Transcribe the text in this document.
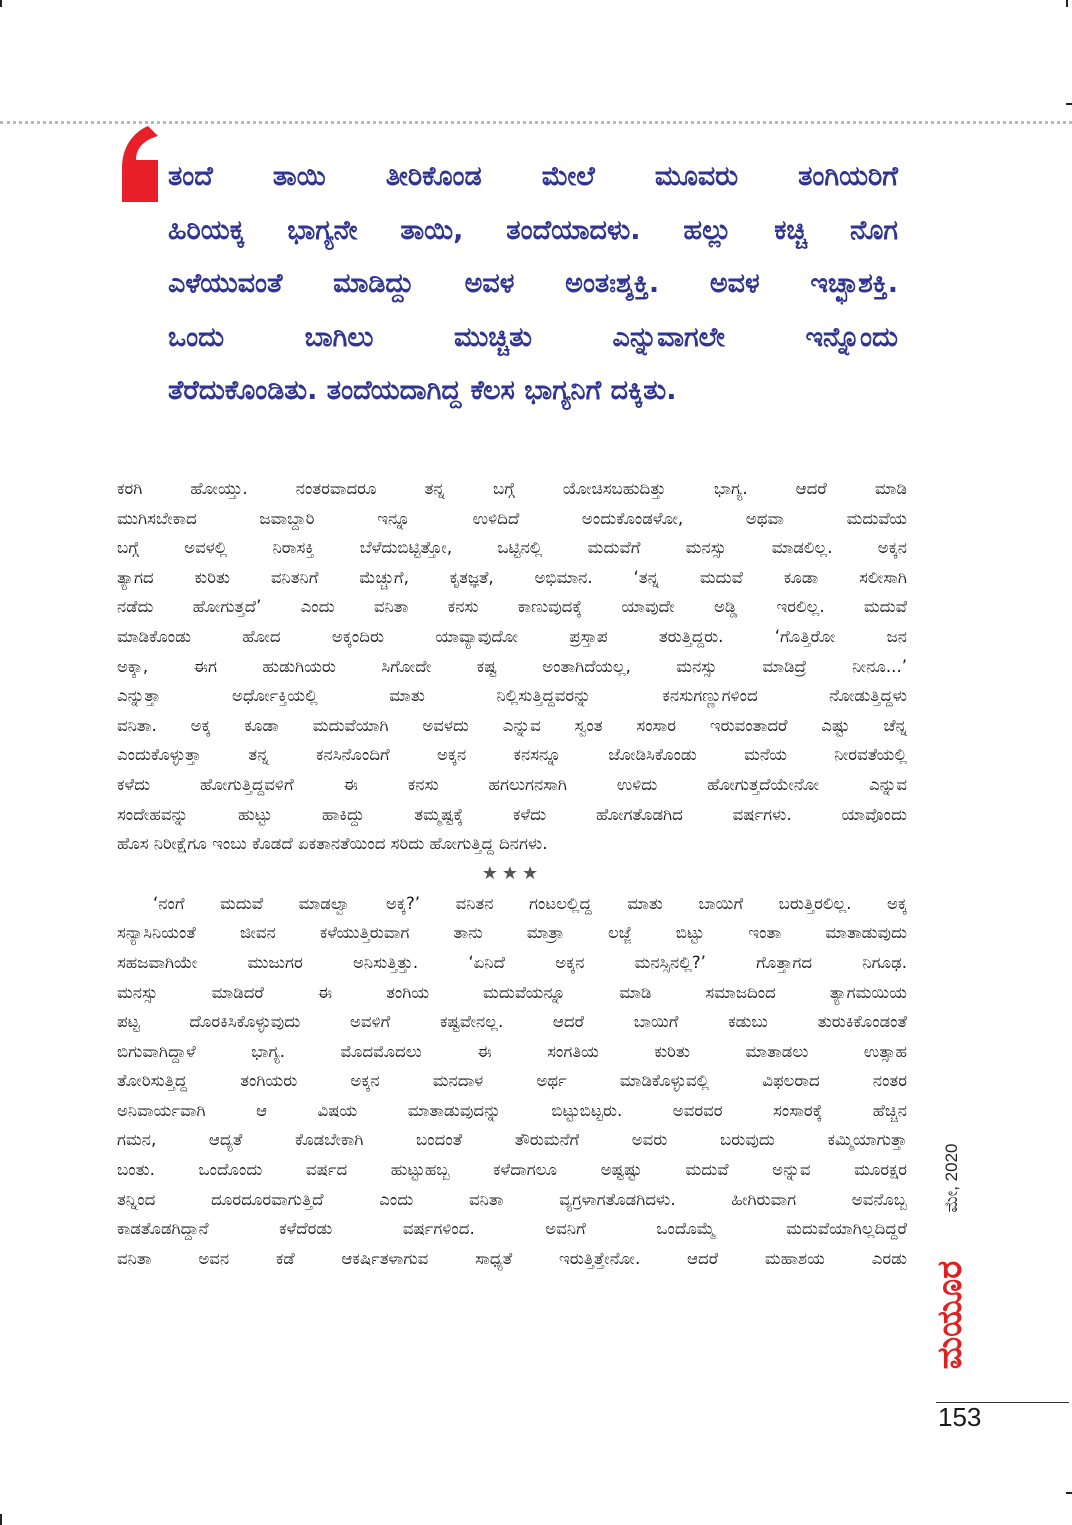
ತಂದೆ ತಾಯಿ ತೀರಿಕೊಂಡ ಮೇಲೆ ಮೂವರು ತಂಗಿಯರಿಗೆ
ಹಿರಿಯಕ್ಕ ಭಾಗ್ಯನೇ ತಾಯಿ, ತಂದೆಯಾದಳು. ಹಲ್ಲು ಕಚ್ಚಿ ನೊಗ
ಎಳೆಯುವಂತೆ ಮಾಡಿದ್ದು ಅವಳ ಅಂತಃಶ್ಶಕ್ತಿ. ಅವಳ ಇಚ್ಛಾಶಕ್ತಿ.
ಒಂದು ಬಾಗಿಲು ಮುಚ್ಚಿತು ಎನ್ನುವಾಗಲೇ ಇನ್ನೊಂದು
ತೆರೆದುಕೊಂಡಿತು. ತಂದೆಯದಾಗಿದ್ದ ಕೆಲಸ ಭಾಗ್ಯನಿಗೆ ದಕ್ಕಿತು.
ಕರಗಿ ಹೋಯ್ತು. ನಂತರವಾದರೂ ತನ್ನ ಬಗ್ಗೆ ಯೋಚಿಸಬಹುದಿತ್ತು ಭಾಗ್ಯ. ಆದರೆ ಮಾಡಿ
ಮುಗಿಸಬೇಕಾದ ಜವಾಬ್ದಾರಿ ಇನ್ನೂ ಉಳಿದಿದೆ ಅಂದುಕೊಂಡಳೋ, ಅಥವಾ ಮದುವೆಯ
ಬಗ್ಗೆ ಅವಳಲ್ಲಿ ನಿರಾಸಕ್ತಿ ಬೆಳೆದುಬಿಟ್ಟಿತ್ತೋ, ಒಟ್ಟಿನಲ್ಲಿ ಮದುವೆಗೆ ಮನಸ್ಸು ಮಾಡಲಿಲ್ಲ. ಅಕ್ಕನ
ತ್ಯಾಗದ ಕುರಿತು ವನಿತನಿಗೆ ಮೆಚ್ಚುಗೆ, ಕೃತಜ್ಞತೆ, ಅಭಿಮಾನ. ‘ತನ್ನ ಮದುವೆ ಕೂಡಾ ಸಲೀಸಾಗಿ
ನಡೆದು ಹೋಗುತ್ತದೆ’ ಎಂದು ವನಿತಾ ಕನಸು ಕಾಣುವುದಕ್ಕೆ ಯಾವುದೇ ಅಡ್ಡಿ ಇರಲಿಲ್ಲ. ಮದುವೆ
ಮಾಡಿಕೊಂಡು ಹೋದ ಅಕ್ಕಂದಿರು ಯಾವ್ಯಾವುದೋ ಪ್ರಸ್ತಾಪ ತರುತ್ತಿದ್ದರು. ‘ಗೊತ್ತಿರೋ ಜನ
ಅಕ್ಕಾ, ಈಗ ಹುಡುಗಿಯರು ಸಿಗೋದೇ ಕಷ್ಟ ಅಂತಾಗಿದೆಯಲ್ಲ, ಮನಸ್ಸು ಮಾಡಿದ್ರೆ ನೀನೂ...’
ಎನ್ನುತ್ತಾ ಅರ್ಧೋಕ್ತಿಯಲ್ಲಿ ಮಾತು ನಿಲ್ಲಿಸುತ್ತಿದ್ದವರನ್ನು ಕನಸುಗಣ್ಣುಗಳಿಂದ ನೋಡುತ್ತಿದ್ದಳು
ವನಿತಾ. ಅಕ್ಕ ಕೂಡಾ ಮದುವೆಯಾಗಿ ಅವಳದು ಎನ್ನುವ ಸ್ವಂತ ಸಂಸಾರ ಇರುವಂತಾದರೆ ಎಷ್ಟು ಚೆನ್ನ
ಎಂದುಕೊಳ್ಳುತ್ತಾ ತನ್ನ ಕನಸಿನೊಂದಿಗೆ ಅಕ್ಕನ ಕನಸನ್ನೂ ಜೋಡಿಸಿಕೊಂಡು ಮನೆಯ ನೀರವತೆಯಲ್ಲಿ
ಕಳೆದು ಹೋಗುತ್ತಿದ್ದವಳಿಗೆ ಈ ಕನಸು ಹಗಲುಗನಸಾಗಿ ಉಳಿದು ಹೋಗುತ್ತದೆಯೇನೋ ಎನ್ನುವ
ಸಂದೇಹವನ್ನು ಹುಟ್ಟು ಹಾಕಿದ್ದು ತಮ್ಮಷ್ಟಕ್ಕೆ ಕಳೆದು ಹೋಗತೊಡಗಿದ ವರ್ಷಗಳು. ಯಾವೊಂದು
ಹೊಸ ನಿರೀಕ್ಷೆಗೂ ಇಂಬು ಕೊಡದೆ ಏಕತಾನತೆಯಿಂದ ಸರಿದು ಹೋಗುತ್ತಿದ್ದ ದಿನಗಳು.
★★★
‘ನಂಗೆ ಮದುವೆ ಮಾಡಲ್ವಾ ಅಕ್ಕ?’ ವನಿತನ ಗಂಟಲಲ್ಲಿದ್ದ ಮಾತು ಬಾಯಿಗೆ ಬರುತ್ತಿರಲಿಲ್ಲ. ಅಕ್ಕ
ಸನ್ಯಾಸಿನಿಯಂತೆ ಜೀವನ ಕಳೆಯುತ್ತಿರುವಾಗ ತಾನು ಮಾತ್ರಾ ಲಜ್ಜೆ ಬಿಟ್ಟು ಇಂತಾ ಮಾತಾಡುವುದು
ಸಹಜವಾಗಿಯೇ ಮುಜುಗರ ಅನಿಸುತ್ತಿತ್ತು. ‘ಏನಿದೆ ಅಕ್ಕನ ಮನಸ್ಸಿನಲ್ಲಿ?’ ಗೊತ್ತಾಗದ ನಿಗೂಢ.
ಮನಸ್ಸು ಮಾಡಿದರೆ ಈ ತಂಗಿಯ ಮದುವೆಯನ್ನೂ ಮಾಡಿ ಸಮಾಜದಿಂದ ತ್ಯಾಗಮಯಿಯ
ಪಟ್ಟ ದೊರಕಿಸಿಕೊಳ್ಳುವುದು ಅವಳಿಗೆ ಕಷ್ಟವೇನಲ್ಲ. ಆದರೆ ಬಾಯಿಗೆ ಕಡುಬು ತುರುಕಿಕೊಂಡಂತೆ
ಬಿಗುವಾಗಿದ್ದಾಳೆ ಭಾಗ್ಯ. ಮೊದಮೊದಲು ಈ ಸಂಗತಿಯ ಕುರಿತು ಮಾತಾಡಲು ಉತ್ಸಾಹ
ತೋರಿಸುತ್ತಿದ್ದ ತಂಗಿಯರು ಅಕ್ಕನ ಮನದಾಳ ಅರ್ಥ ಮಾಡಿಕೊಳ್ಳುವಲ್ಲಿ ವಿಫಲರಾದ ನಂತರ
ಅನಿವಾರ್ಯವಾಗಿ ಆ ವಿಷಯ ಮಾತಾಡುವುದನ್ನು ಬಿಟ್ಟುಬಿಟ್ಟರು. ಅವರವರ ಸಂಸಾರಕ್ಕೆ ಹೆಚ್ಚಿನ
ಗಮನ, ಆದ್ಯತೆ ಕೊಡಬೇಕಾಗಿ ಬಂದಂತೆ ತೌರುಮನೆಗೆ ಅವರು ಬರುವುದು ಕಮ್ಮಿಯಾಗುತ್ತಾ
ಬಂತು. ಒಂದೊಂದು ವರ್ಷದ ಹುಟ್ಟುಹಬ್ಬ ಕಳೆದಾಗಲೂ ಅಷ್ಟಷ್ಟು ಮದುವೆ ಅನ್ನುವ ಮೂರಕ್ಷರ
ತನ್ನಿಂದ ದೂರದೂರವಾಗುತ್ತಿದೆ ಎಂದು ವನಿತಾ ವ್ಯಗ್ರಳಾಗತೊಡಗಿದಳು. ಹೀಗಿರುವಾಗ ಅವನೊಬ್ಬ
ಕಾಡತೊಡಗಿದ್ದಾನೆ ಕಳೆದೆರಡು ವರ್ಷಗಳಿಂದ. ಅವನಿಗೆ ಒಂದೊಮ್ಮೆ ಮದುವೆಯಾಗಿಲ್ಲದಿದ್ದರೆ
ವನಿತಾ ಅವನ ಕಡೆ ಆಕರ್ಷಿತಳಾಗುವ ಸಾಧ್ಯತೆ ಇರುತ್ತಿತ್ತೇನೋ. ಆದರೆ ಮಹಾಶಯ ಎರಡು
ಮೇ, 2020
ಮಯೂರ
153
